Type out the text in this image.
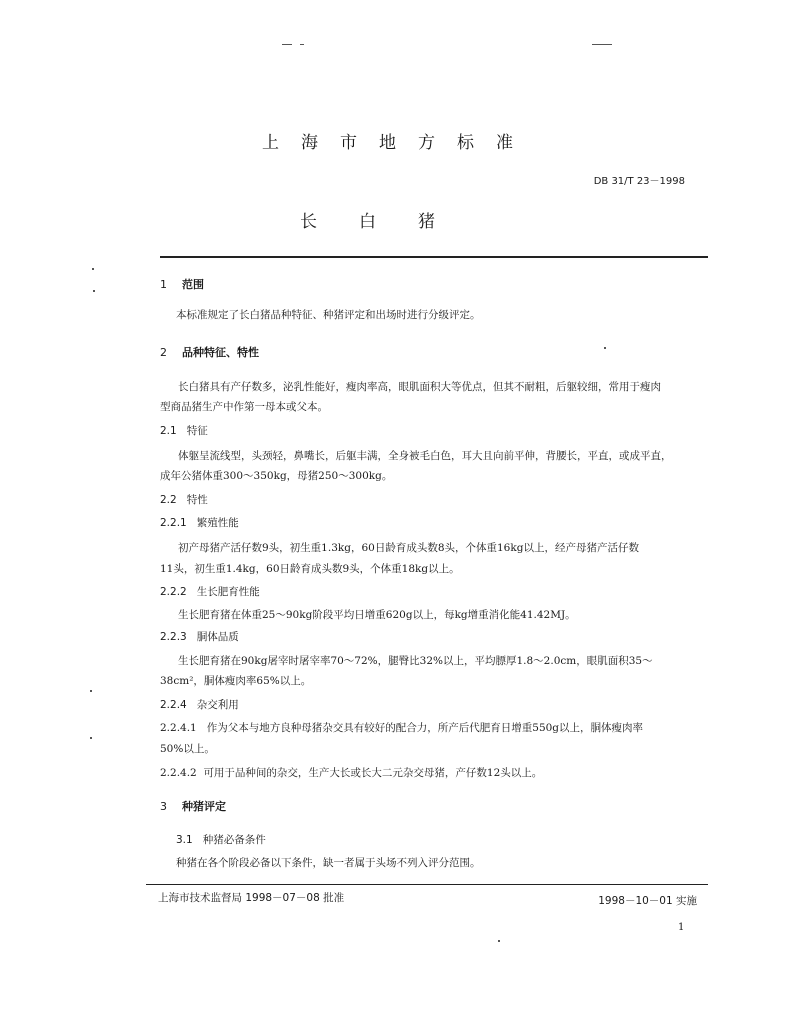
上海市地方标准
DB 31/T 23－1998
长白猪
1 范围
本标准规定了长白猪品种特征、种猪评定和出场时进行分级评定。
2 品种特征、特性
长白猪具有产仔数多，泌乳性能好，瘦肉率高，眼肌面积大等优点，但其不耐粗，后躯较细，常用于瘦肉
型商品猪生产中作第一母本或父本。
2.1 特征
体躯呈流线型，头颈轻，鼻嘴长，后躯丰满，全身被毛白色，耳大且向前平伸，背腰长，平直，或成平直，
成年公猪体重300～350kg，母猪250～300kg。
2.2 特性
2.2.1 繁殖性能
初产母猪产活仔数9头，初生重1.3kg，60日龄育成头数8头，个体重16kg以上，经产母猪产活仔数
11头，初生重1.4kg，60日龄育成头数9头，个体重18kg以上。
2.2.2 生长肥育性能
生长肥育猪在体重25～90kg阶段平均日增重620g以上，每kg增重消化能41.42MJ。
2.2.3 胴体品质
生长肥育猪在90kg屠宰时屠宰率70～72%，腿臀比32%以上，平均膘厚1.8～2.0cm，眼肌面积35～
38cm²，胴体瘦肉率65%以上。
2.2.4 杂交利用
2.2.4.1 作为父本与地方良种母猪杂交具有较好的配合力，所产后代肥育日增重550g以上，胴体瘦肉率
50%以上。
2.2.4.2 可用于品种间的杂交，生产大长或长大二元杂交母猪，产仔数12头以上。
3 种猪评定
3.1 种猪必备条件
种猪在各个阶段必备以下条件，缺一者属于头场不列入评分范围。
上海市技术监督局 1998－07－08 批准	1998－10－01 实施
1
